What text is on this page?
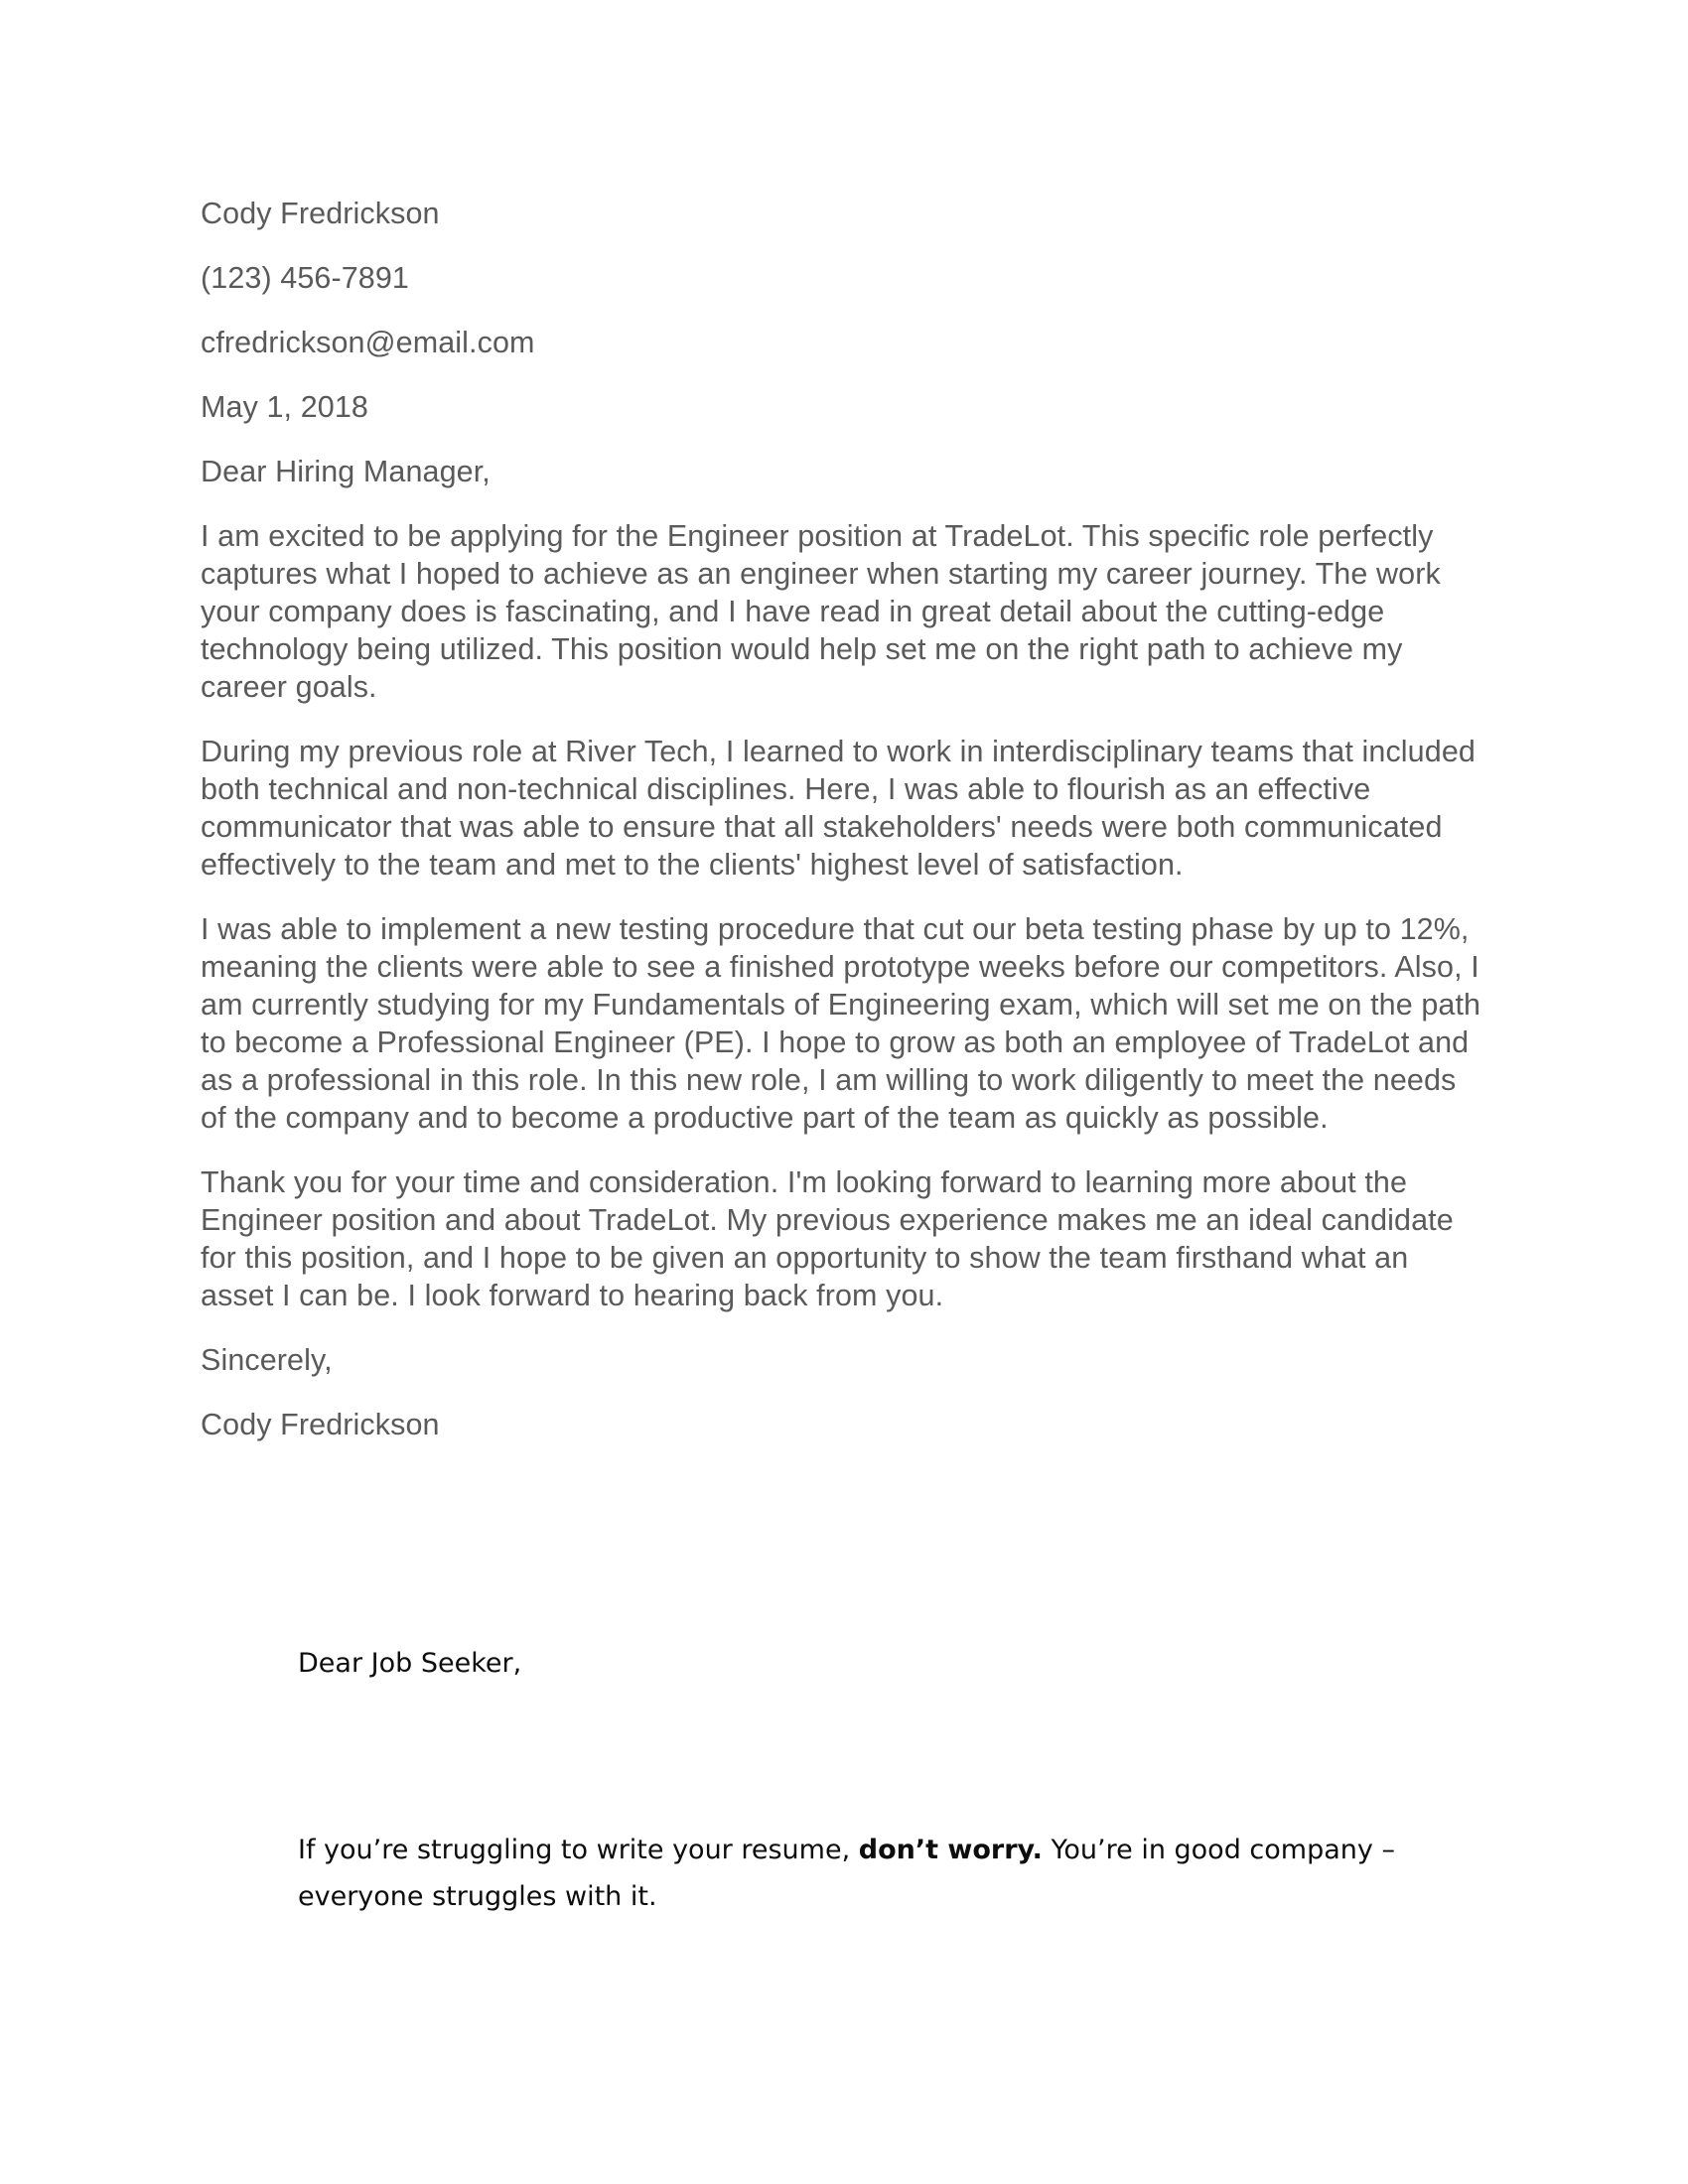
Cody Fredrickson

(123) 456-7891

cfredrickson@email.com

May 1, 2018

Dear Hiring Manager,

I am excited to be applying for the Engineer position at TradeLot. This specific role perfectly captures what I hoped to achieve as an engineer when starting my career journey. The work your company does is fascinating, and I have read in great detail about the cutting-edge technology being utilized. This position would help set me on the right path to achieve my career goals.

During my previous role at River Tech, I learned to work in interdisciplinary teams that included both technical and non-technical disciplines. Here, I was able to flourish as an effective communicator that was able to ensure that all stakeholders' needs were both communicated effectively to the team and met to the clients' highest level of satisfaction.

I was able to implement a new testing procedure that cut our beta testing phase by up to 12%, meaning the clients were able to see a finished prototype weeks before our competitors. Also, I am currently studying for my Fundamentals of Engineering exam, which will set me on the path to become a Professional Engineer (PE). I hope to grow as both an employee of TradeLot and as a professional in this role. In this new role, I am willing to work diligently to meet the needs of the company and to become a productive part of the team as quickly as possible.

Thank you for your time and consideration. I'm looking forward to learning more about the Engineer position and about TradeLot. My previous experience makes me an ideal candidate for this position, and I hope to be given an opportunity to show the team firsthand what an asset I can be. I look forward to hearing back from you.

Sincerely,

Cody Fredrickson

Dear Job Seeker,

If you’re struggling to write your resume, don’t worry. You’re in good company – everyone struggles with it.
